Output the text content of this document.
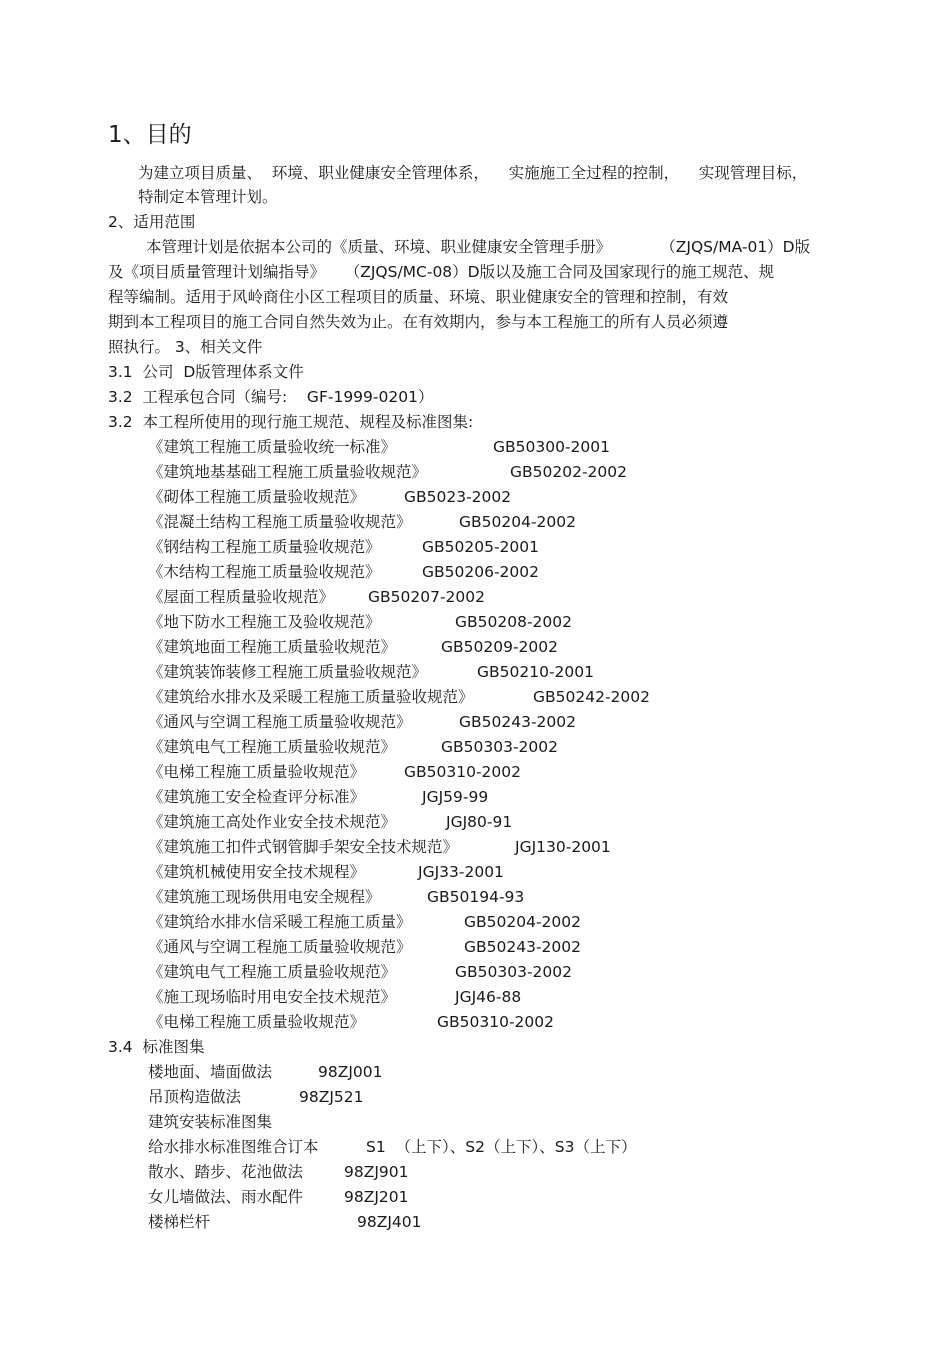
1、目的
为建立项目质量、  环境、职业健康安全管理体系，    实施施工全过程的控制，    实现管理目标，
特制定本管理计划。
2、适用范围
本管理计划是依据本公司的《质量、环境、职业健康安全管理手册》          （ZJQS/MA-01）D版
及《项目质量管理计划编指导》    （ZJQS/MC-08）D版以及施工合同及国家现行的施工规范、规
程等编制。适用于风岭商住小区工程项目的质量、环境、职业健康安全的管理和控制，有效
期到本工程项目的施工合同自然失效为止。在有效期内，参与本工程施工的所有人员必须遵
照执行。 3、相关文件
3.1  公司  D版管理体系文件
3.2  工程承包合同（编号:    GF-1999-0201）
3.2  本工程所使用的现行施工规范、规程及标准图集:
《建筑工程施工质量验收统一标准》	GB50300-2001
《建筑地基基础工程施工质量验收规范》	GB50202-2002
《砌体工程施工质量验收规范》	GB5023-2002
《混凝土结构工程施工质量验收规范》	GB50204-2002
《钢结构工程施工质量验收规范》	GB50205-2001
《木结构工程施工质量验收规范》	GB50206-2002
《屋面工程质量验收规范》 GB50207-2002
《地下防水工程施工及验收规范》	GB50208-2002
《建筑地面工程施工质量验收规范》	GB50209-2002
《建筑装饰装修工程施工质量验收规范》	GB50210-2001
《建筑给水排水及采暖工程施工质量验收规范》	GB50242-2002
《通风与空调工程施工质量验收规范》	GB50243-2002
《建筑电气工程施工质量验收规范》	GB50303-2002
《电梯工程施工质量验收规范》	GB50310-2002
《建筑施工安全检查评分标准》	JGJ59-99
《建筑施工高处作业安全技术规范》	JGJ80-91
《建筑施工扣件式钢管脚手架安全技术规范》	JGJ130-2001
《建筑机械使用安全技术规程》	JGJ33-2001
《建筑施工现场供用电安全规程》	GB50194-93
《建筑给水排水信采暖工程施工质量》	GB50204-2002
《通风与空调工程施工质量验收规范》	GB50243-2002
《建筑电气工程施工质量验收规范》	GB50303-2002
《施工现场临时用电安全技术规范》	JGJ46-88
《电梯工程施工质量验收规范》	GB50310-2002
3.4  标准图集
楼地面、墙面做法	98ZJ001
吊顶构造做法	98ZJ521
建筑安装标准图集
给水排水标准图维合订本	S1  （上下）、S2（上下）、S3（上下）
散水、踏步、花池做法	98ZJ901
女儿墙做法、雨水配件	98ZJ201
楼梯栏杆	98ZJ401
